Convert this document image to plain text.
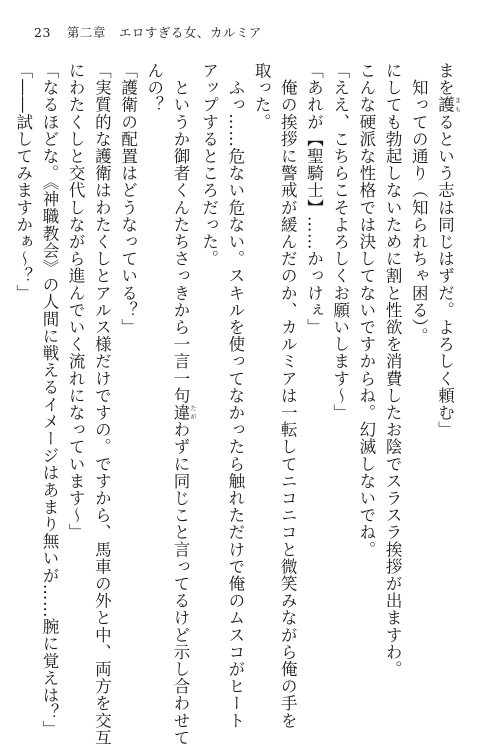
23 第二章　エロすぎる女、カルミア
まを護 まもるという志は同じはずだ。よろしく頼む」
　知っての通り（知られちゃ困る）。
にしても勃起しないために割と性欲を消費したお陰でスラスラ挨拶が出ますわ。
こんな硬派な性格では決してないですからね。幻滅しないでね。
「ええ、こちらこそよろしくお願いします～」
「あれが【聖騎士】……かっけぇ」
　俺の挨拶に警戒が緩んだのか、カルミアは一転してニコニコと微笑みながら俺の手を
取った。
　ふっ……危ない危ない。スキルを使ってなかったら触れただけで俺のムスコがヒート
アップするところだった。
　というか御者くんたちさっきから一言一句違 たがわずに同じこと言ってるけど示し合わせて
んの？
「護衛の配置はどうなっている？」
「実質的な護衛はわたくしとアルス様だけですの。ですから、馬車の外と中、両方を交互
にわたくしと交代しながら進んでいく流れになっています～」
「なるほどな。《神職教会》の人間に戦えるイメージはあまり無いが……腕に覚えは？」
「――試してみますかぁ～？」
